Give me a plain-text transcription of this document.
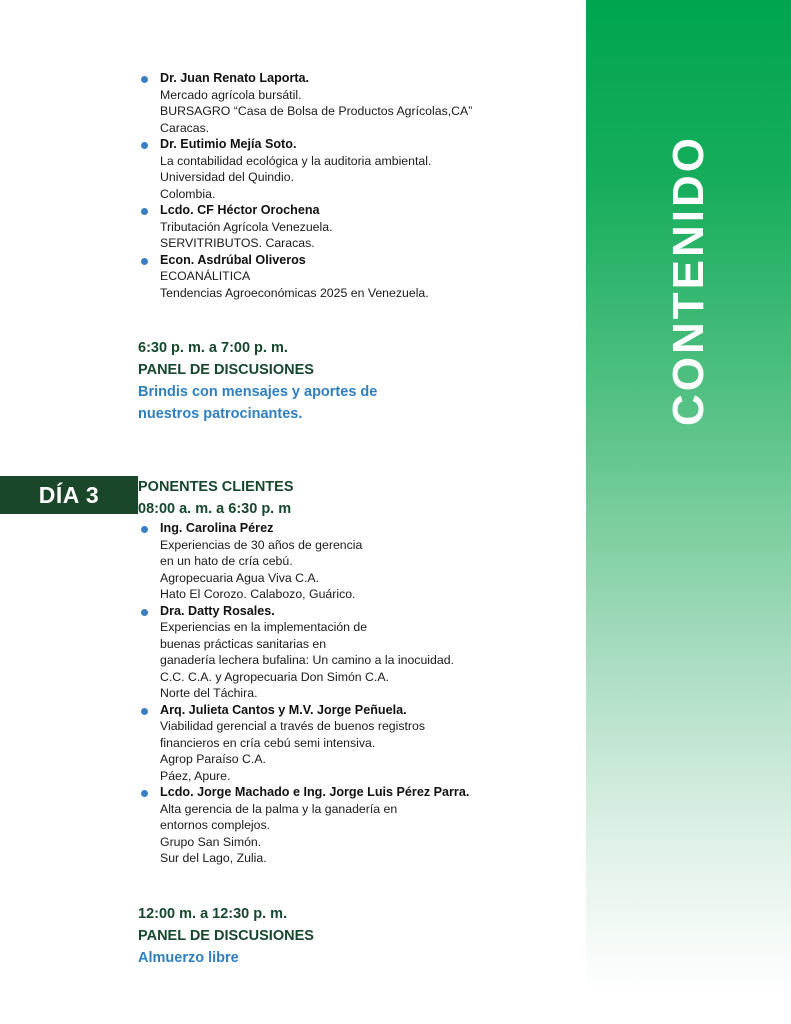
CONTENIDO
Dr. Juan Renato Laporta.
Mercado agrícola bursátil.
BURSAGRO “Casa de Bolsa de Productos Agrícolas,CA”
Caracas.
Dr. Eutimio Mejía Soto.
La contabilidad ecológica y la auditoria ambiental.
Universidad del Quindio.
Colombia.
Lcdo. CF Héctor Orochena
Tributación Agrícola Venezuela.
SERVITRIBUTOS. Caracas.
Econ. Asdrúbal Oliveros
ECOANÁLITICA
Tendencias Agroeconómicas 2025 en Venezuela.
6:30 p. m. a 7:00 p. m.
PANEL DE DISCUSIONES
Brindis con mensajes y aportes de
nuestros patrocinantes.
DÍA 3	PONENTES CLIENTES
08:00 a. m. a 6:30 p. m
Ing. Carolina Pérez
Experiencias de 30 años de gerencia
en un hato de cría cebú.
Agropecuaria Agua Viva C.A.
Hato El Corozo. Calabozo, Guárico.
Dra. Datty Rosales.
Experiencias en la implementación de
buenas prácticas sanitarias en
ganadería lechera bufalina: Un camino a la inocuidad.
C.C. C.A. y Agropecuaria Don Simón C.A.
Norte del Táchira.
Arq. Julieta Cantos y M.V. Jorge Peñuela.
Viabilidad gerencial a través de buenos registros
financieros en cría cebú semi intensiva.
Agrop Paraíso C.A.
Páez, Apure.
Lcdo. Jorge Machado e Ing. Jorge Luis Pérez Parra.
Alta gerencia de la palma y la ganadería en
entornos complejos.
Grupo San Simón.
Sur del Lago, Zulia.
12:00 m. a 12:30 p. m.
PANEL DE DISCUSIONES
Almuerzo libre
